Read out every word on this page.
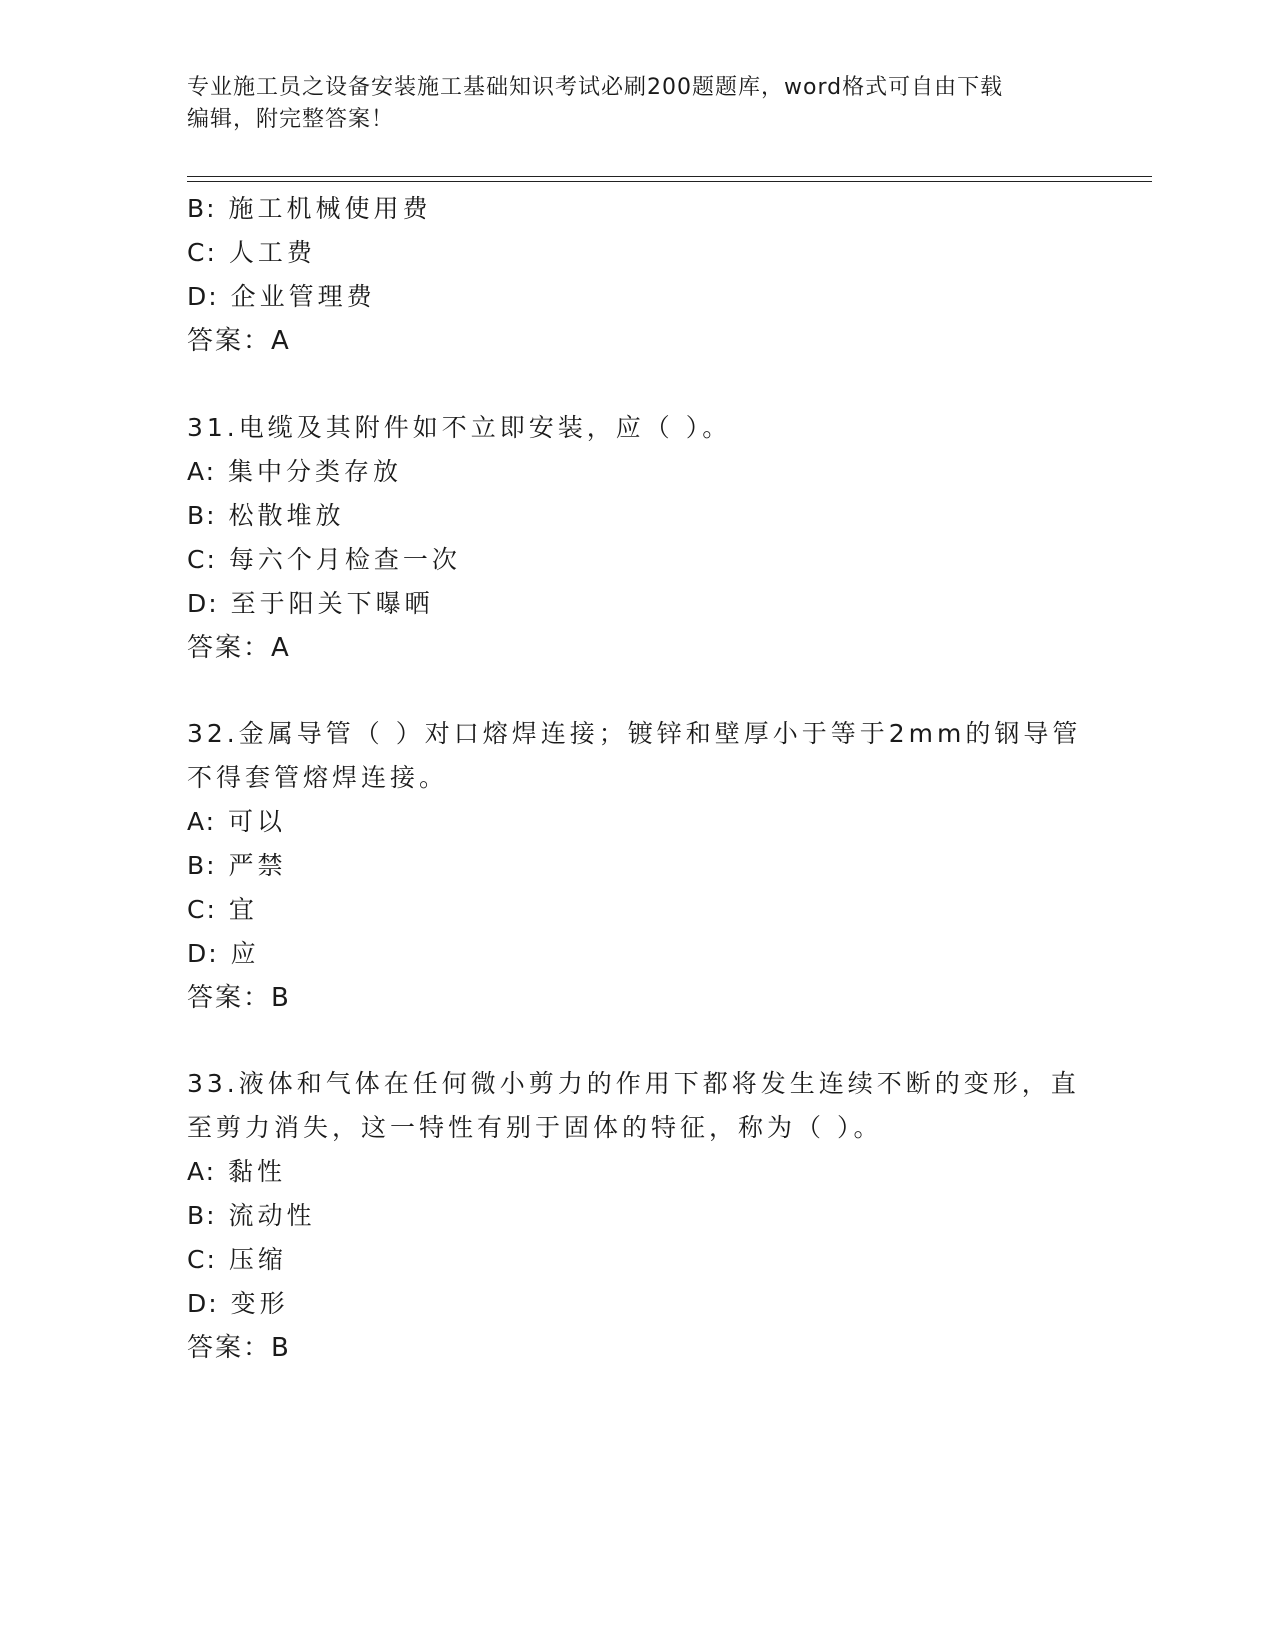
专业施工员之设备安装施工基础知识考试必刷200题题库，word格式可自由下载
编辑，附完整答案！
B: 施工机械使用费
C: 人工费
D: 企业管理费
答案：A
31.电缆及其附件如不立即安装，应（ ）。
A: 集中分类存放
B: 松散堆放
C: 每六个月检查一次
D: 至于阳关下曝晒
答案：A
32.金属导管（ ）对口熔焊连接；镀锌和壁厚小于等于2mm的钢导管
不得套管熔焊连接。
A: 可以
B: 严禁
C: 宜
D: 应
答案：B
33.液体和气体在任何微小剪力的作用下都将发生连续不断的变形，直
至剪力消失，这一特性有别于固体的特征，称为（ ）。
A: 黏性
B: 流动性
C: 压缩
D: 变形
答案：B
